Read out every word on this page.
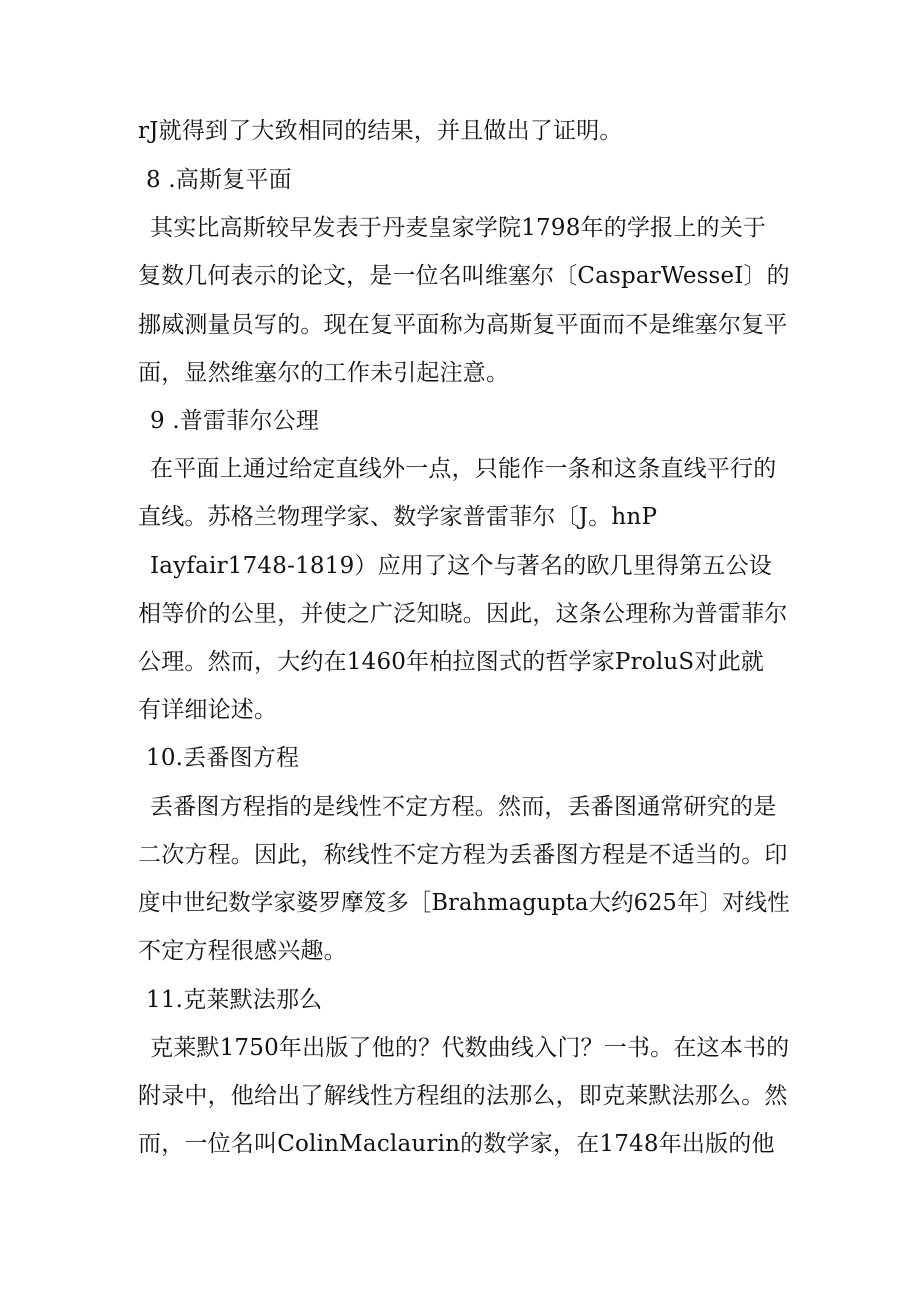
rJ就得到了大致相同的结果，并且做出了证明。
8 .高斯复平面
其实比高斯较早发表于丹麦皇家学院1798年的学报上的关于
复数几何表示的论文，是一位名叫维塞尔〔CasparWesseI〕的
挪威测量员写的。现在复平面称为高斯复平面而不是维塞尔复平
面，显然维塞尔的工作未引起注意。
9 .普雷菲尔公理
在平面上通过给定直线外一点，只能作一条和这条直线平行的
直线。苏格兰物理学家、数学家普雷菲尔〔J。hnP
Iayfair1748-1819）应用了这个与著名的欧几里得第五公设
相等价的公里，并使之广泛知晓。因此，这条公理称为普雷菲尔
公理。然而，大约在1460年柏拉图式的哲学家ProluS对此就
有详细论述。
10.丢番图方程
丢番图方程指的是线性不定方程。然而，丢番图通常研究的是
二次方程。因此，称线性不定方程为丢番图方程是不适当的。印
度中世纪数学家婆罗摩笈多［Brahmagupta大约625年〕对线性
不定方程很感兴趣。
11.克莱默法那么
克莱默1750年出版了他的？代数曲线入门？一书。在这本书的
附录中，他给出了解线性方程组的法那么，即克莱默法那么。然
而，一位名叫ColinMaclaurin的数学家，在1748年出版的他
